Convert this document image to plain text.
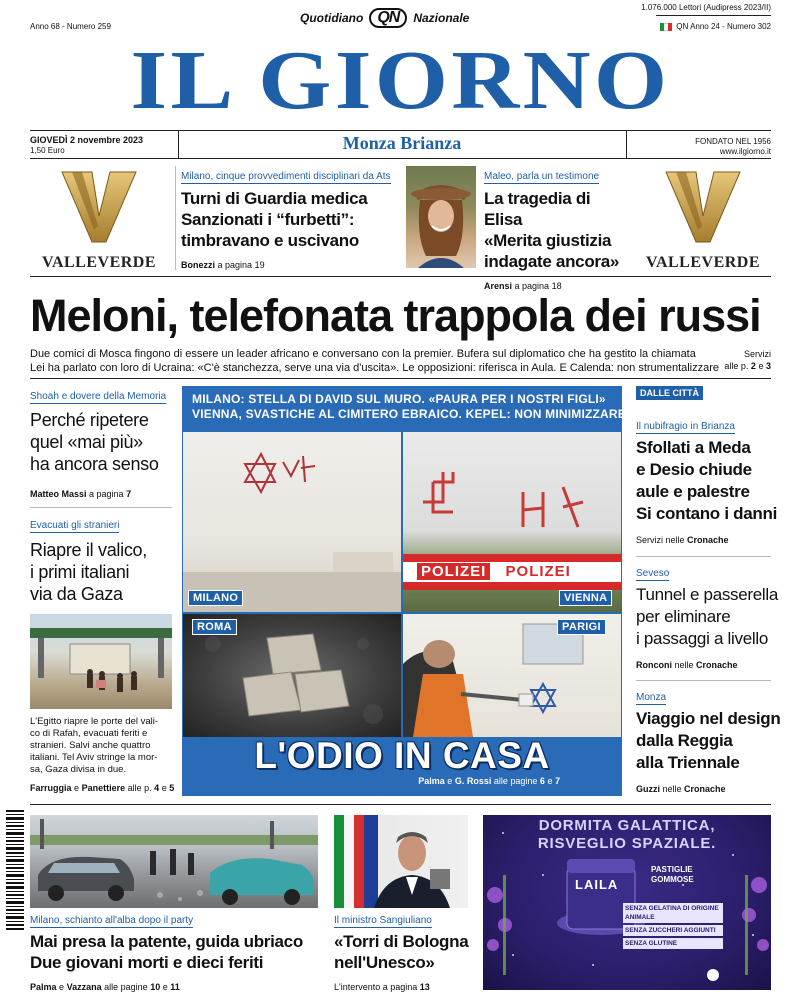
Anno 68 - Numero 259
Quotidiano QN	Nazionale
1.076.000 Lettori (Audipress 2023/II)
QN Anno 24 - Numero 302
IL GIORNO
GIOVEDÌ 2 novembre 2023
1,50 Euro	Monza Brianza	FONDATO NEL 1956
www.ilgiorno.it
VALLEVERDE
Milano, cinque provvedimenti disciplinari da Ats
Turni di Guardia medica
Sanzionati i “furbetti”:
timbravano e uscivano
Bonezzi a pagina 19
Maleo, parla un testimone
La tragedia di Elisa
«Merita giustizia
indagate ancora»
Arensi a pagina 18
VALLEVERDE
Meloni, telefonata trappola dei russi
Due comici di Mosca fingono di essere un leader africano e conversano con la premier. Bufera sul diplomatico che ha gestito la chiamata
Lei ha parlato con loro di Ucraina: «C'è stanchezza, serve una via d'uscita». Le opposizioni: riferisca in Aula. E Calenda: non strumentalizzare
Servizi
alle p. 2 e 3
Shoah e dovere della Memoria
Perché ripetere
quel «mai più»
ha ancora senso
Matteo Massi a pagina 7
Evacuati gli stranieri
Riapre il valico,
i primi italiani
via da Gaza
L'Egitto riapre le porte del vali-
co di Rafah, evacuati feriti e
stranieri. Salvi anche quattro
italiani. Tel Aviv stringe la mor-
sa, Gaza divisa in due.
Farruggia e Panettiere alle p. 4 e 5
MILANO: STELLA DI DAVID SUL MURO. «PAURA PER I NOSTRI FIGLI»
VIENNA, SVASTICHE AL CIMITERO EBRAICO. KEPEL: NON MINIMIZZARE
POLIZEI POLIZEI
MILANO	VIENNA
ROMA	PARIGI
L'ODIO IN CASA
Palma e G. Rossi alle pagine 6 e 7
DALLE CITTÀ
Il nubifragio in Brianza
Sfollati a Meda
e Desio chiude
aule e palestre
Si contano i danni
Servizi nelle Cronache
Seveso
Tunnel e passerella
per eliminare
i passaggi a livello
Ronconi nelle Cronache
Monza
Viaggio nel design
dalla Reggia
alla Triennale
Guzzi nelle Cronache
Milano, schianto all'alba dopo il party
Mai presa la patente, guida ubriaco
Due giovani morti e dieci feriti
Palma e Vazzana alle pagine 10 e 11
Il ministro Sangiuliano
«Torri di Bologna
nell'Unesco»
L'intervento a pagina 13
DORMITA GALATTICA,
RISVEGLIO SPAZIALE.
LAILA
PASTIGLIE
GOMMOSE
SENZA GELATINA DI ORIGINE ANIMALE
SENZA ZUCCHERI AGGIUNTI
SENZA GLUTINE
